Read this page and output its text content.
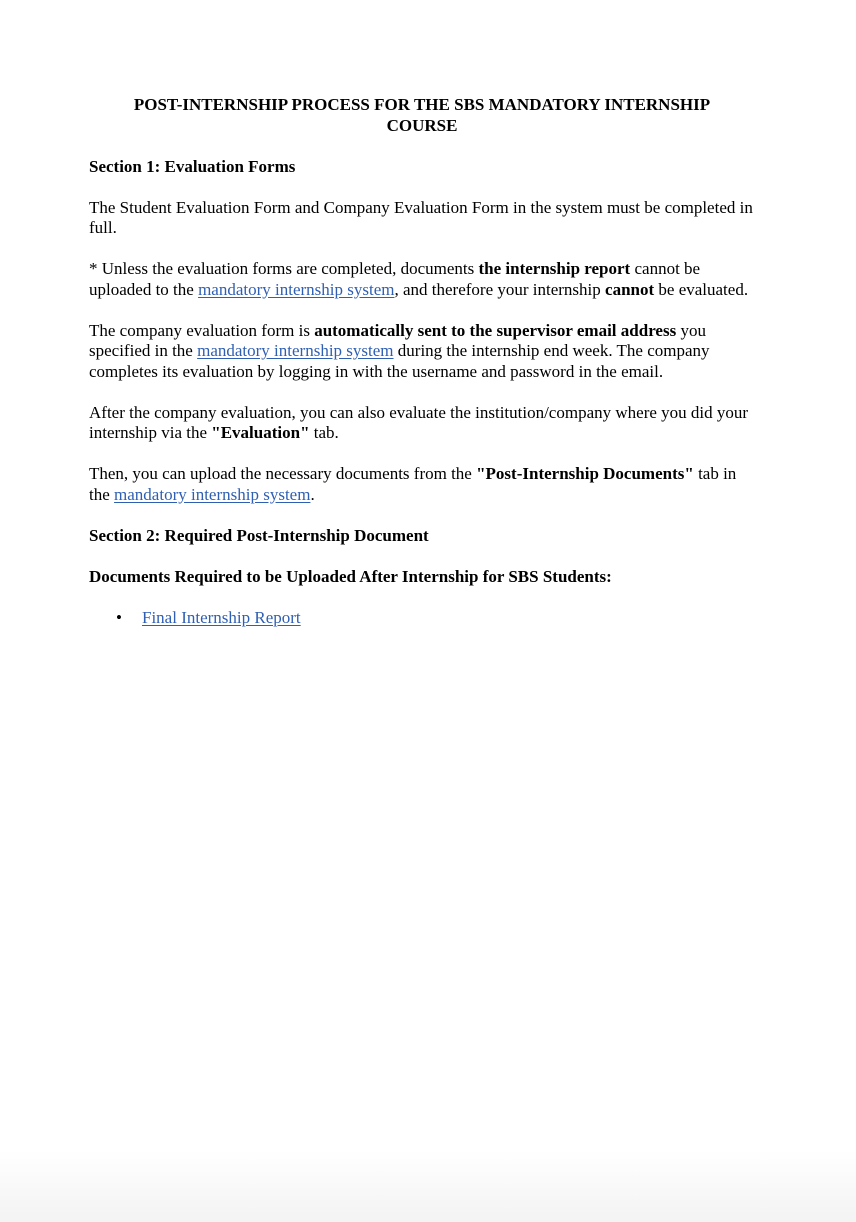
POST-INTERNSHIP PROCESS FOR THE SBS MANDATORY INTERNSHIP COURSE
Section 1: Evaluation Forms

The Student Evaluation Form and Company Evaluation Form in the system must be completed in full.

* Unless the evaluation forms are completed, documents the internship report cannot be uploaded to the mandatory internship system, and therefore your internship cannot be evaluated.

The company evaluation form is automatically sent to the supervisor email address you specified in the mandatory internship system during the internship end week. The company completes its evaluation by logging in with the username and password in the email.

After the company evaluation, you can also evaluate the institution/company where you did your internship via the "Evaluation" tab.

Then, you can upload the necessary documents from the "Post-Internship Documents" tab in the mandatory internship system.

Section 2: Required Post-Internship Document
Documents Required to be Uploaded After Internship for SBS Students:
• Final Internship Report
